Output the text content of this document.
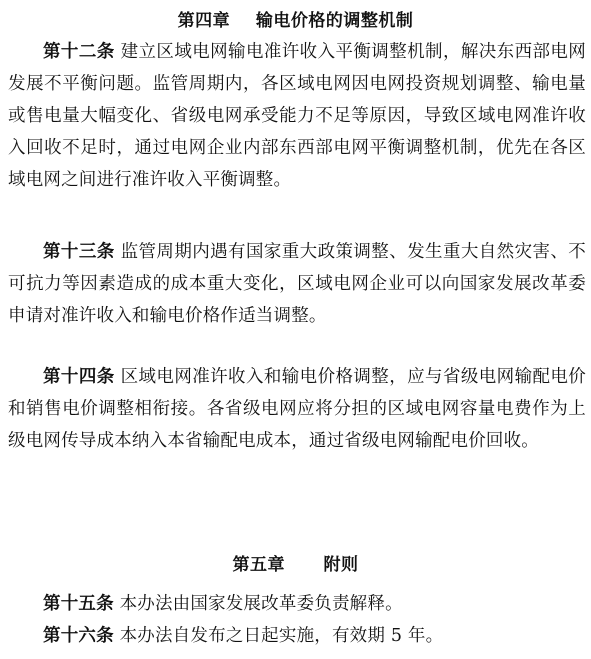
第四章    输电价格的调整机制
第十二条 建立区域电网输电准许收入平衡调整机制，解决东西部电网发展不平衡问题。监管周期内，各区域电网因电网投资规划调整、输电量或售电量大幅变化、省级电网承受能力不足等原因，导致区域电网准许收入回收不足时，通过电网企业内部东西部电网平衡调整机制，优先在各区域电网之间进行准许收入平衡调整。
第十三条 监管周期内遇有国家重大政策调整、发生重大自然灾害、不可抗力等因素造成的成本重大变化，区域电网企业可以向国家发展改革委申请对准许收入和输电价格作适当调整。
第十四条 区域电网准许收入和输电价格调整，应与省级电网输配电价和销售电价调整相衔接。各省级电网应将分担的区域电网容量电费作为上级电网传导成本纳入本省输配电成本，通过省级电网输配电价回收。
第五章      附则
第十五条 本办法由国家发展改革委负责解释。
第十六条 本办法自发布之日起实施，有效期 5 年。
